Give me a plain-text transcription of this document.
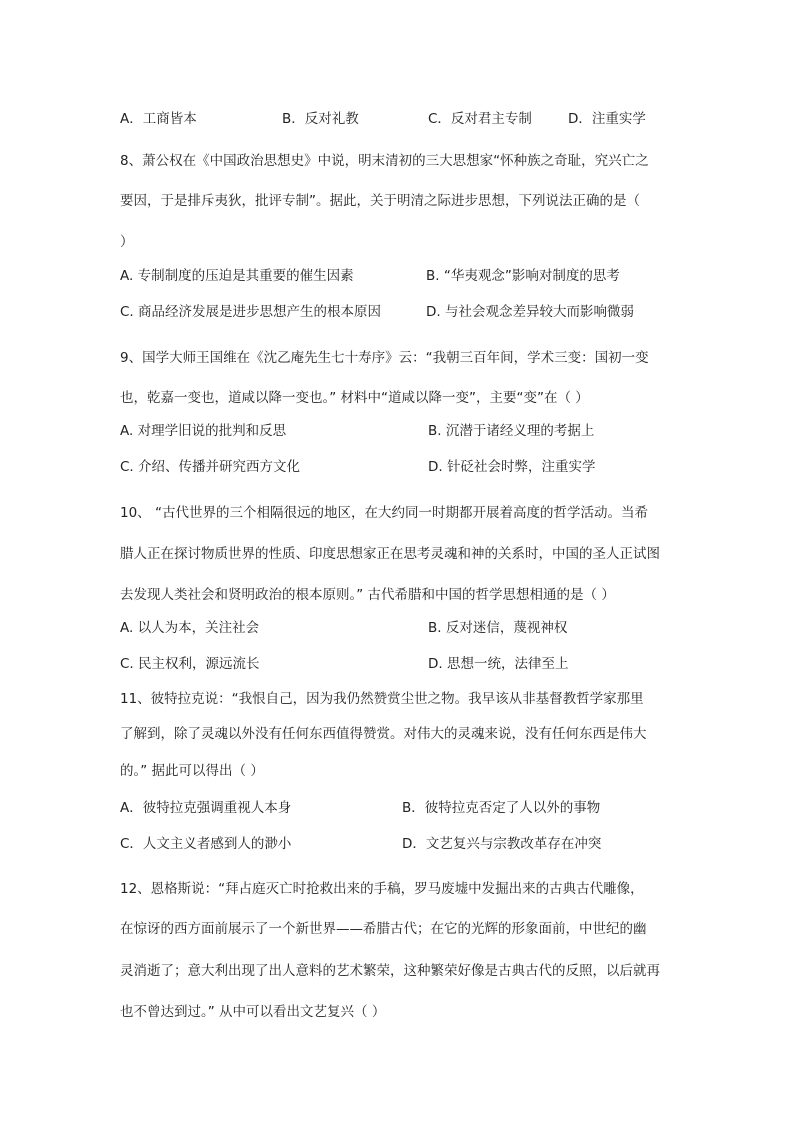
A．工商皆本	B．反对礼教	C．反对君主专制	D．注重实学
8、萧公权在《中国政治思想史》中说，明末清初的三大思想家“怀种族之奇耻，究兴亡之
要因，于是排斥夷狄，批评专制”。据此，关于明清之际进步思想，下列说法正确的是（
）
A. 专制制度的压迫是其重要的催生因素	B. “华夷观念”影响对制度的思考
C. 商品经济发展是进步思想产生的根本原因	D. 与社会观念差异较大而影响微弱
9、国学大师王国维在《沈乙庵先生七十寿序》云：“我朝三百年间，学术三变：国初一变
也，乾嘉一变也，道咸以降一变也。” 材料中“道咸以降一变”，主要“变”在（ ）
A. 对理学旧说的批判和反思	B. 沉潜于诸经义理的考据上
C. 介绍、传播并研究西方文化	D. 针砭社会时弊，注重实学
10、 “古代世界的三个相隔很远的地区，在大约同一时期都开展着高度的哲学活动。当希
腊人正在探讨物质世界的性质、印度思想家正在思考灵魂和神的关系时，中国的圣人正试图
去发现人类社会和贤明政治的根本原则。” 古代希腊和中国的哲学思想相通的是（ ）
A. 以人为本，关注社会	B. 反对迷信，蔑视神权
C. 民主权利，源远流长	D. 思想一统，法律至上
11、彼特拉克说：“我恨自己，因为我仍然赞赏尘世之物。我早该从非基督教哲学家那里
了解到，除了灵魂以外没有任何东西值得赞赏。对伟大的灵魂来说，没有任何东西是伟大
的。” 据此可以得出（ ）
A．彼特拉克强调重视人本身	B．彼特拉克否定了人以外的事物
C．人文主义者感到人的渺小	D．文艺复兴与宗教改革存在冲突
12、恩格斯说：“拜占庭灭亡时抢救出来的手稿，罗马废墟中发掘出来的古典古代雕像，
在惊讶的西方面前展示了一个新世界——希腊古代；在它的光辉的形象面前，中世纪的幽
灵消逝了；意大利出现了出人意料的艺术繁荣，这种繁荣好像是古典古代的反照，以后就再
也不曾达到过。” 从中可以看出文艺复兴（ ）
